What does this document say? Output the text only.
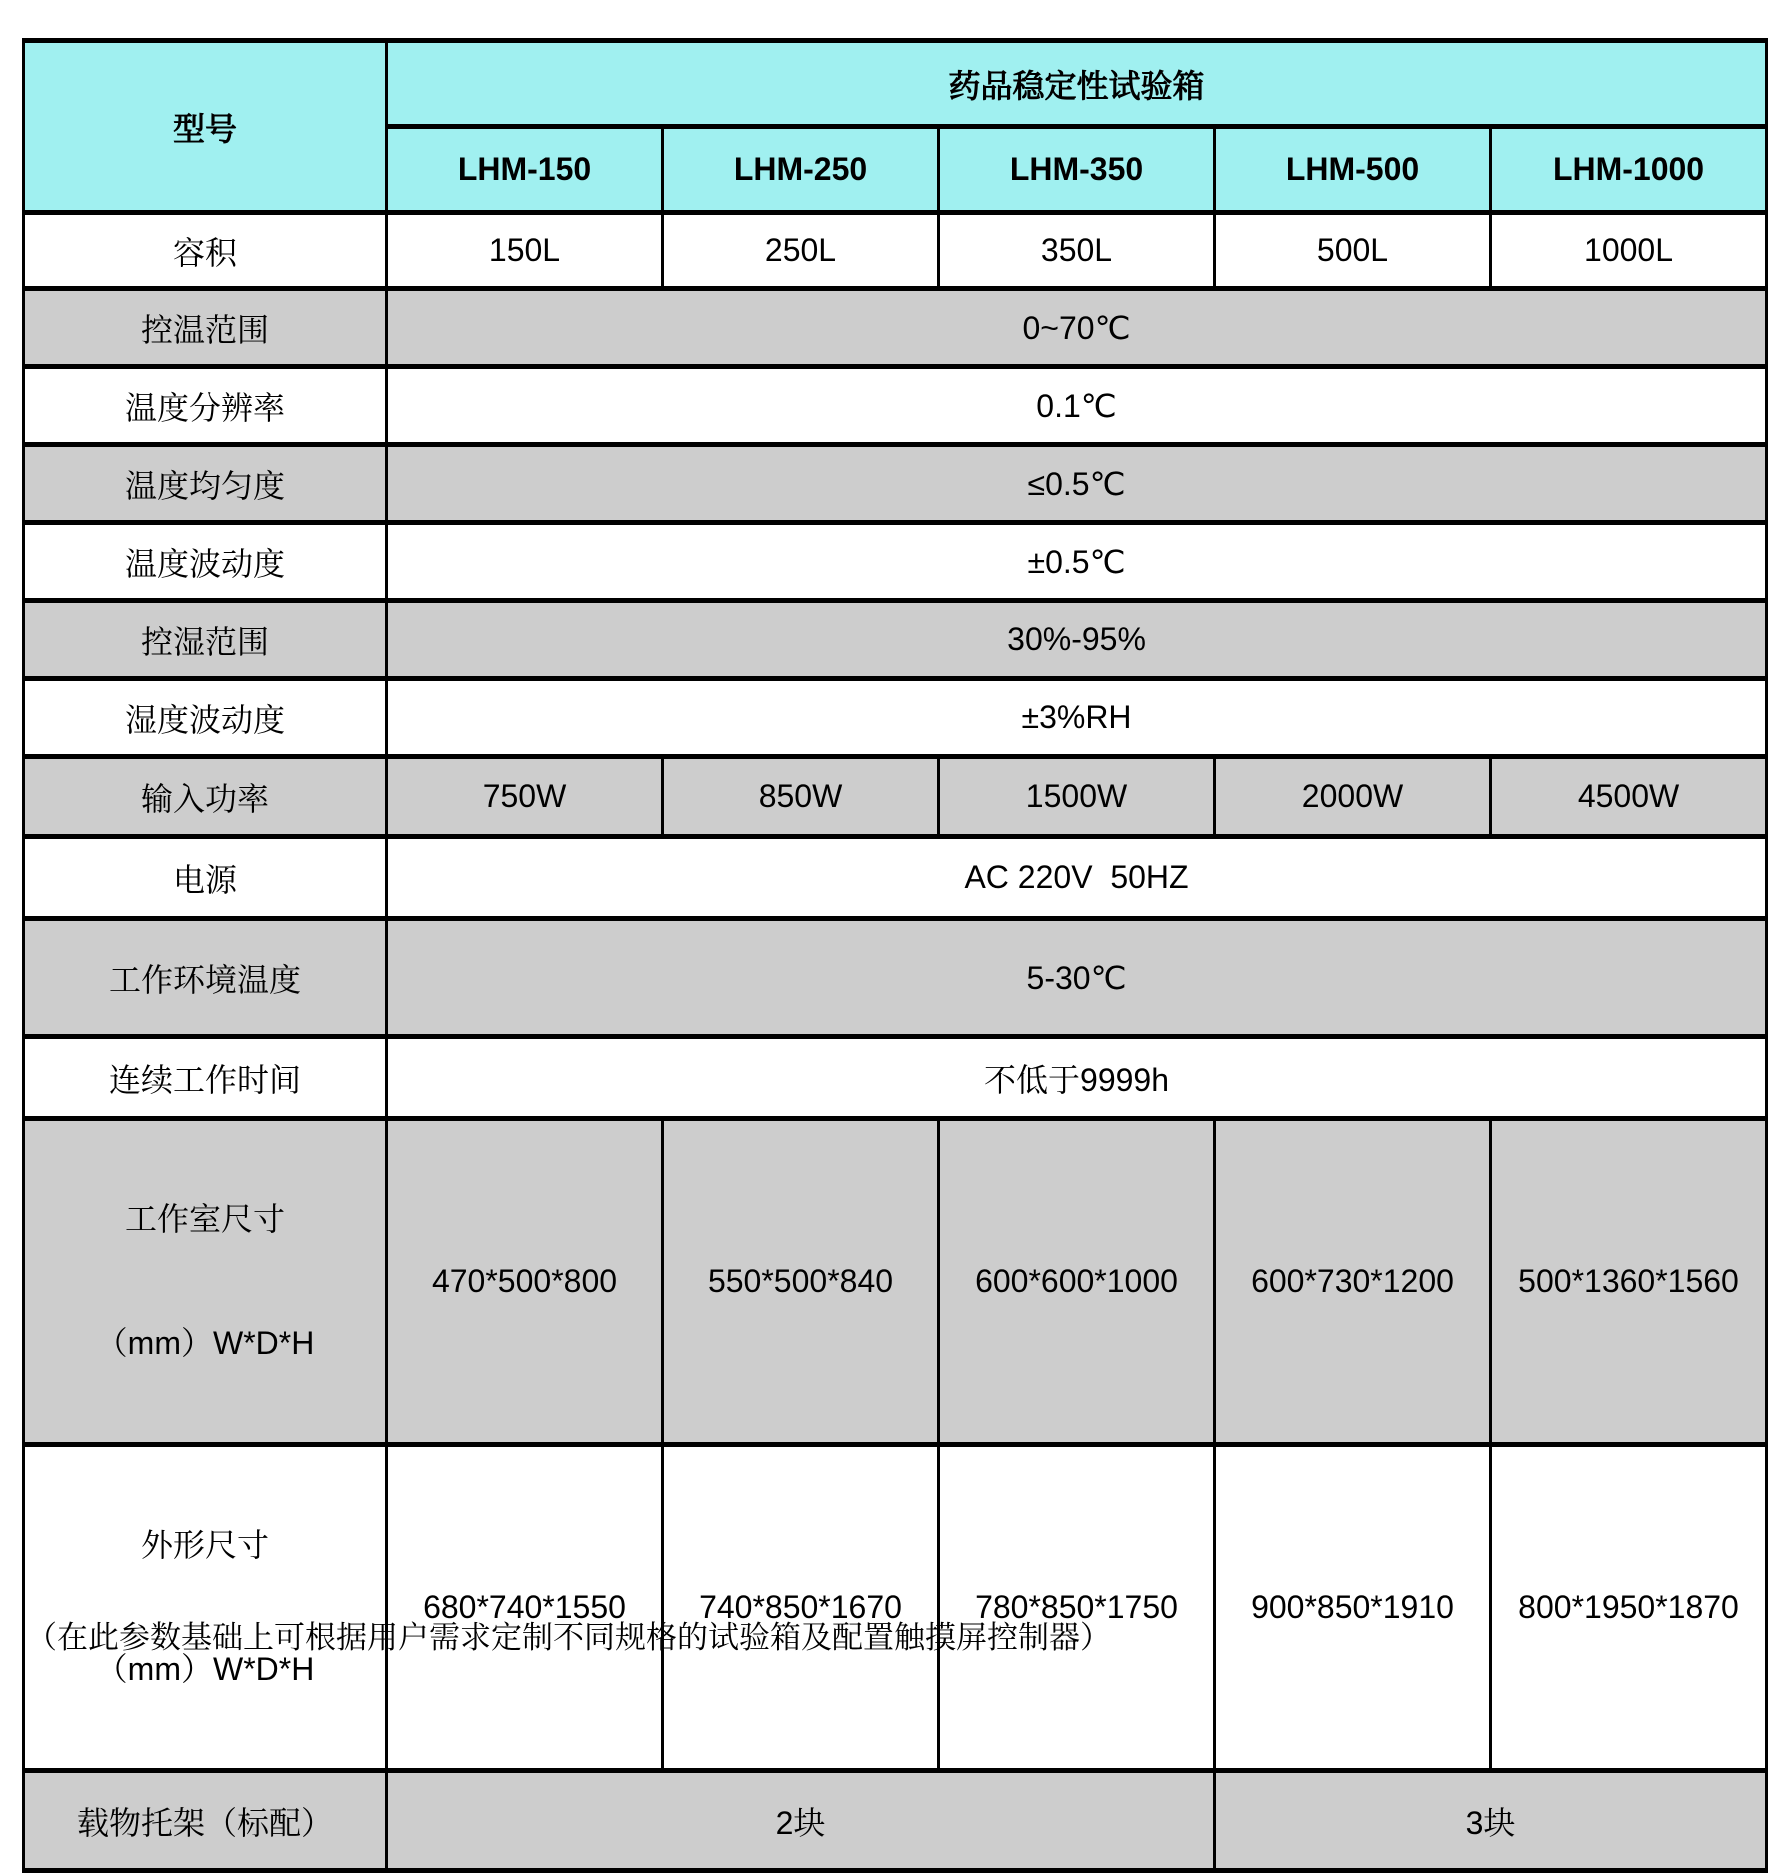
型号	药品稳定性试验箱				
	LHM-150	LHM-250	LHM-350	LHM-500	LHM-1000
容积	150L	250L	350L	500L	1000L
控温范围	0~70℃				
温度分辨率	0.1℃				
温度均匀度	≤0.5℃				
温度波动度	±0.5℃				
控湿范围	30%-95%				
湿度波动度	±3%RH				
输入功率	750W	850W	1500W	2000W	4500W
电源	AC 220V  50HZ				
工作环境温度	5-30℃				
连续工作时间	不低于9999h				

工作室尺寸

（mm）W*D*H	470*500*800	550*500*840	600*600*1000	600*730*1200	500*1360*1560

外形尺寸

（mm）W*D*H	680*740*1550	740*850*1670	780*850*1750	900*850*1910	800*1950*1870
载物托架（标配）	2块			3块	
（在此参数基础上可根据用户需求定制不同规格的试验箱及配置触摸屏控制器）
